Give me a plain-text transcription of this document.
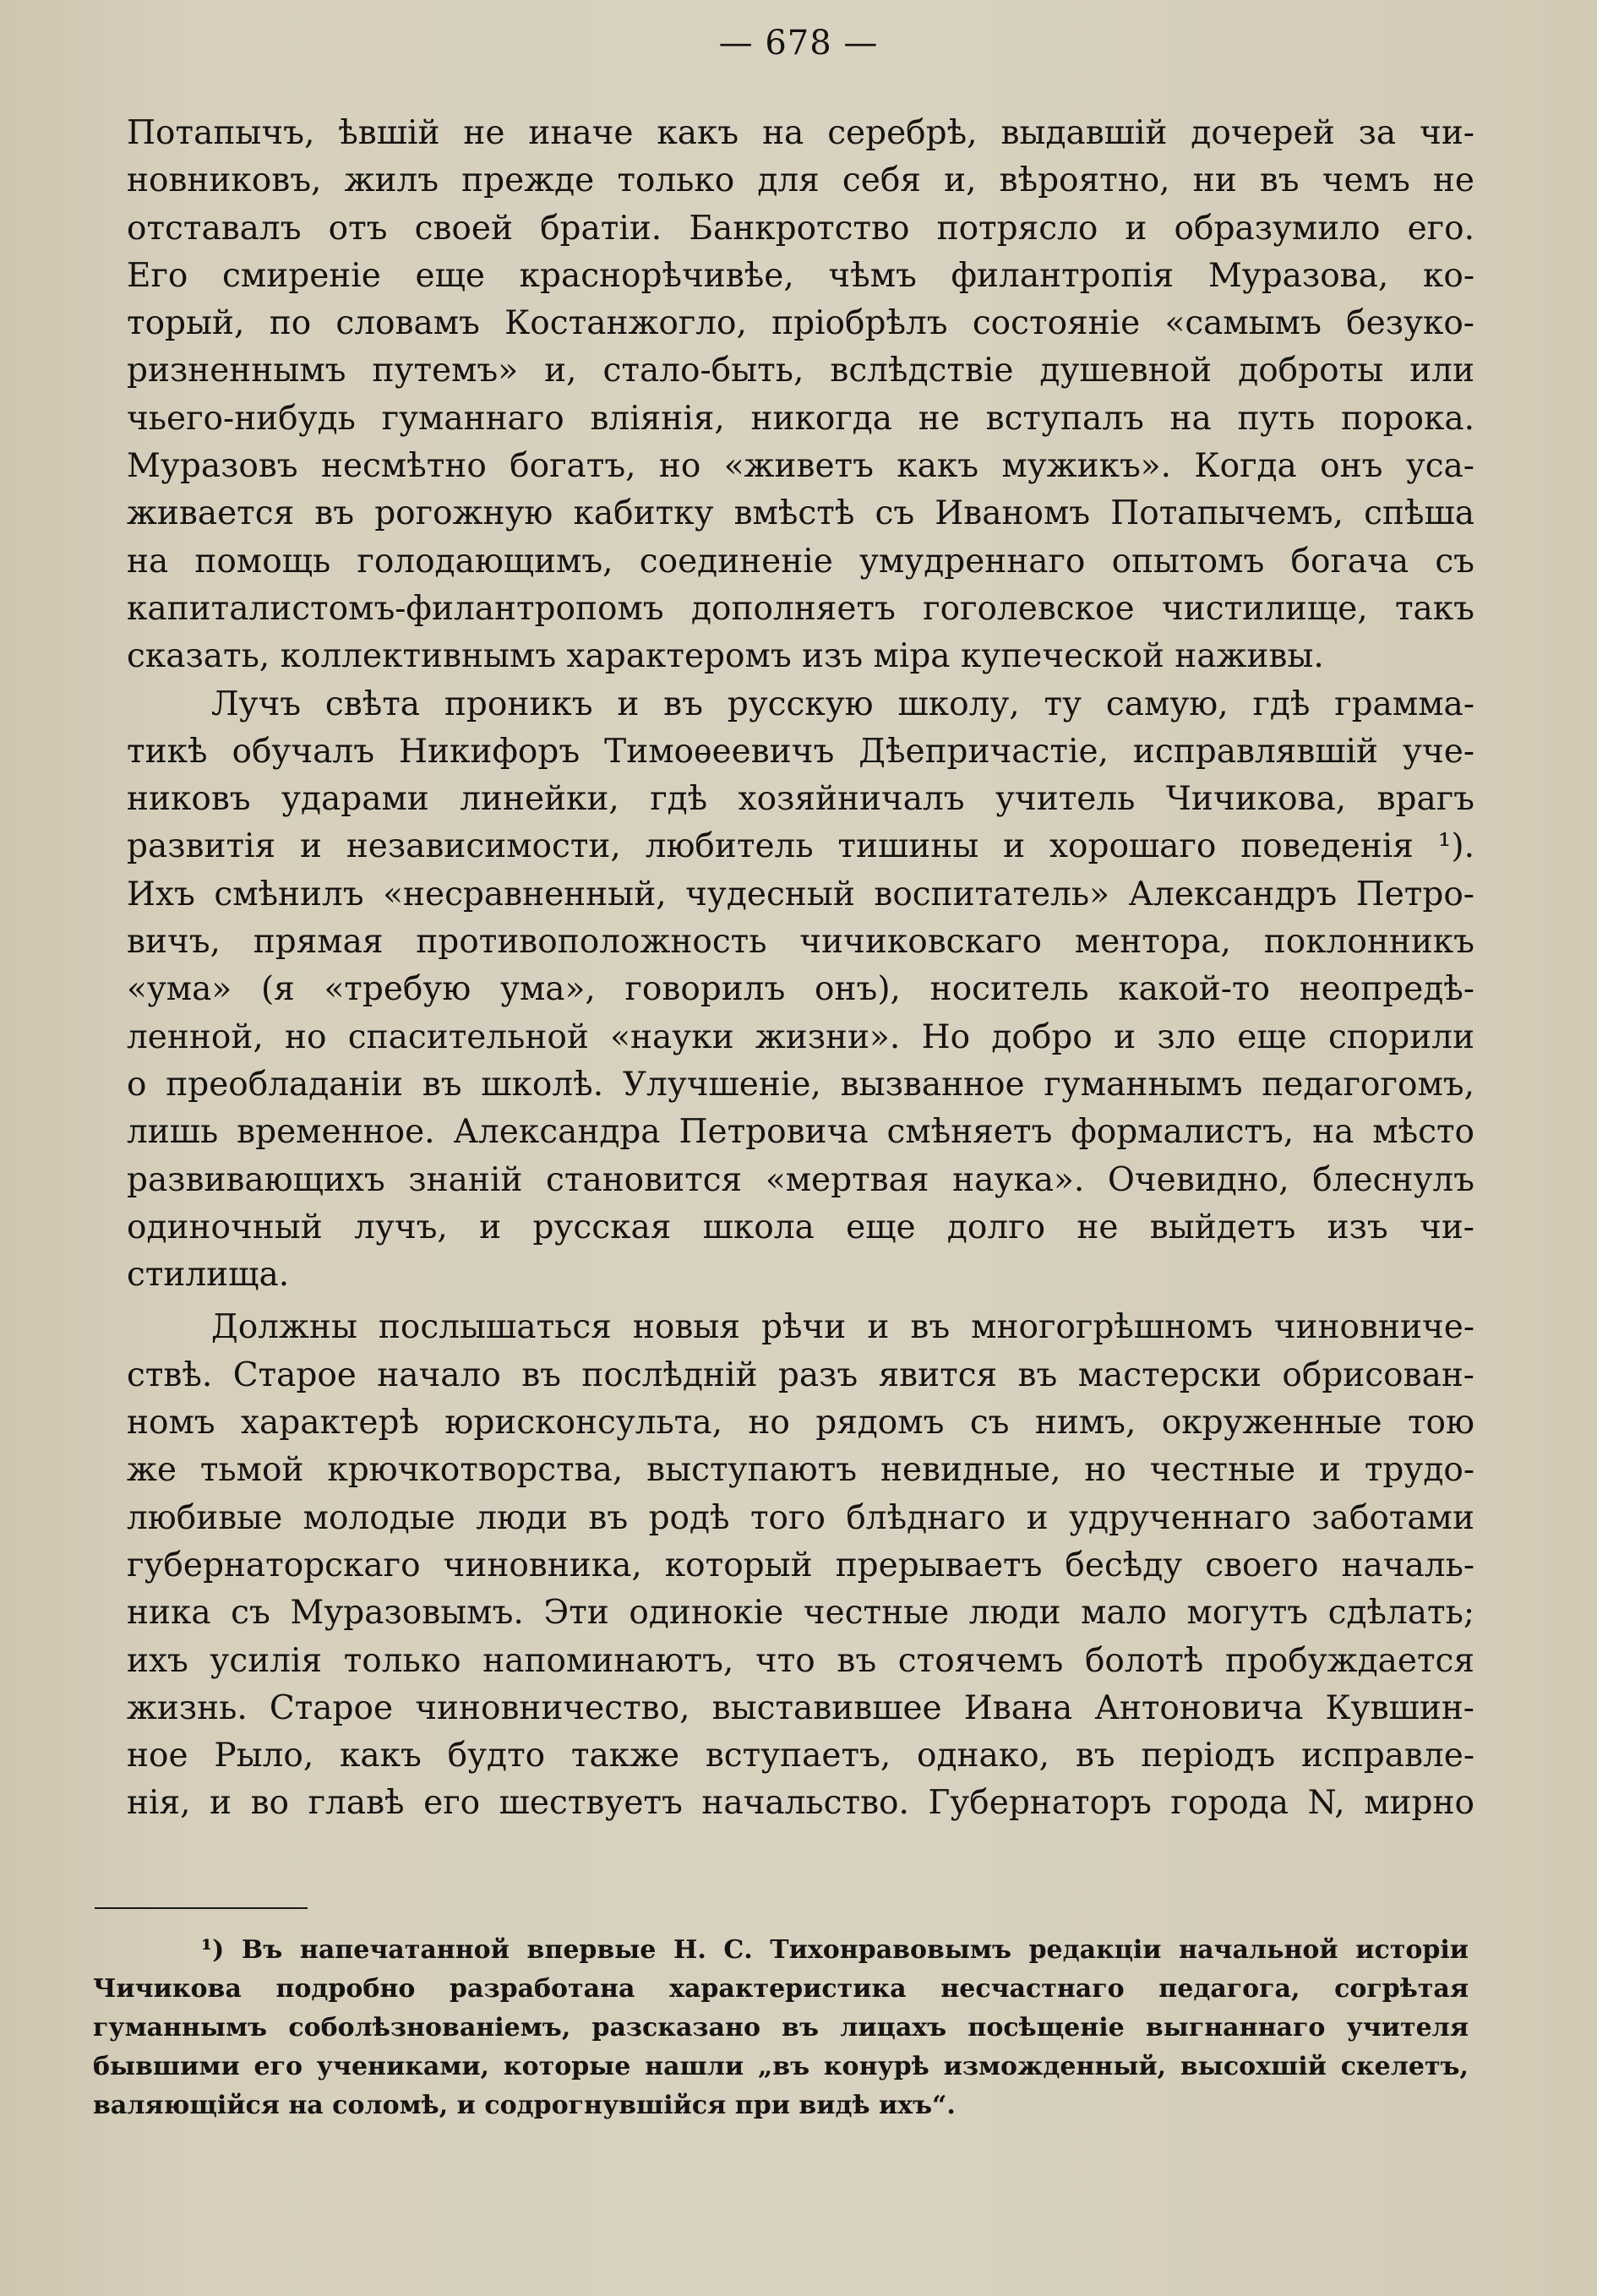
— 678 —
Потапычъ, ѣвшій не иначе какъ на серебрѣ, выдавшій дочерей за чи-
новниковъ, жилъ прежде только для себя и, вѣроятно, ни въ чемъ не
отставалъ отъ своей братіи. Банкротство потрясло и образумило его.
Его смиреніе еще краснорѣчивѣе, чѣмъ филантропія Муразова, ко-
торый, по словамъ Костанжогло, пріобрѣлъ состояніе «самымъ безуко-
ризненнымъ путемъ» и, стало-быть, вслѣдствіе душевной доброты или
чьего-нибудь гуманнаго вліянія, никогда не вступалъ на путь порока.
Муразовъ несмѣтно богатъ, но «живетъ какъ мужикъ». Когда онъ уса-
живается въ рогожную кабитку вмѣстѣ съ Иваномъ Потапычемъ, спѣша
на помощь голодающимъ, соединеніе умудреннаго опытомъ богача съ
капиталистомъ-филантропомъ дополняетъ гоголевское чистилище, такъ
сказать, коллективнымъ характеромъ изъ міра купеческой наживы.
Лучъ свѣта проникъ и въ русскую школу, ту самую, гдѣ грамма-
тикѣ обучалъ Никифоръ Тимоѳеевичъ Дѣепричастіе, исправлявшій уче-
никовъ ударами линейки, гдѣ хозяйничалъ учитель Чичикова, врагъ
развитія и независимости, любитель тишины и хорошаго поведенія ¹).
Ихъ смѣнилъ «несравненный, чудесный воспитатель» Александръ Петро-
вичъ, прямая противоположность чичиковскаго ментора, поклонникъ
«ума» (я «требую ума», говорилъ онъ), носитель какой-то неопредѣ-
ленной, но спасительной «науки жизни». Но добро и зло еще спорили
о преобладаніи въ школѣ. Улучшеніе, вызванное гуманнымъ педагогомъ,
лишь временное. Александра Петровича смѣняетъ формалистъ, на мѣсто
развивающихъ знаній становится «мертвая наука». Очевидно, блеснулъ
одиночный лучъ, и русская школа еще долго не выйдетъ изъ чи-
стилища.
Должны послышаться новыя рѣчи и въ многогрѣшномъ чиновниче-
ствѣ. Старое начало въ послѣдній разъ явится въ мастерски обрисован-
номъ характерѣ юрисконсульта, но рядомъ съ нимъ, окруженные тою
же тьмой крючкотворства, выступаютъ невидные, но честные и трудо-
любивые молодые люди въ родѣ того блѣднаго и удрученнаго заботами
губернаторскаго чиновника, который прерываетъ бесѣду своего началь-
ника съ Муразовымъ. Эти одинокіе честные люди мало могутъ сдѣлать;
ихъ усилія только напоминаютъ, что въ стоячемъ болотѣ пробуждается
жизнь. Старое чиновничество, выставившее Ивана Антоновича Кувшин-
ное Рыло, какъ будто также вступаетъ, однако, въ періодъ исправле-
нія, и во главѣ его шествуетъ начальство. Губернаторъ города N, мирно
¹) Въ напечатанной впервые Н. С. Тихонравовымъ редакціи начальной исторіи
Чичикова подробно разработана характеристика несчастнаго педагога, согрѣтая
гуманнымъ соболѣзнованіемъ, разсказано въ лицахъ посѣщеніе выгнаннаго учителя
бывшими его учениками, которые нашли „въ конурѣ изможденный, высохшій скелетъ,
валяющійся на соломѣ, и содрогнувшійся при видѣ ихъ“.
